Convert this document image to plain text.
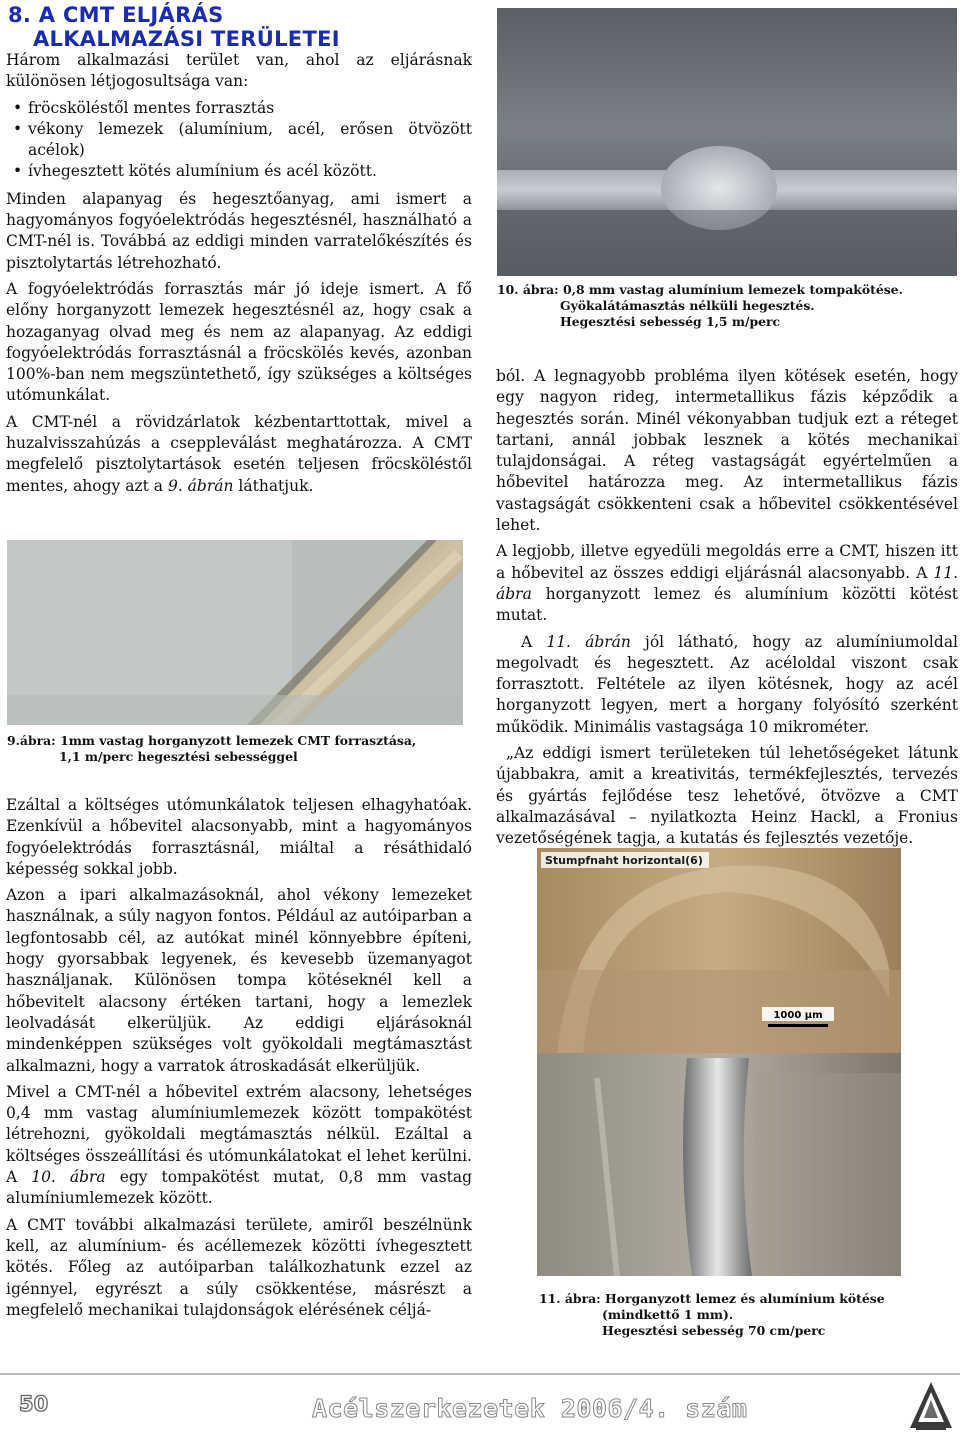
8. A CMT ELJÁRÁS
ALKALMAZÁSI TERÜLETEI

Három alkalmazási terület van, ahol az eljárásnak különösen létjogosultsága van:

• fröcsköléstől mentes forrasztás
• vékony lemezek (alumínium, acél, erősen ötvözött acélok)
• ívhegesztett kötés alumínium és acél között.

Minden alapanyag és hegesztőanyag, ami ismert a hagyományos fogyóelektródás hegesztésnél, használható a CMT-nél is. Továbbá az eddigi minden varratelőkészítés és pisztolytartás létrehozható.

A fogyóelektródás forrasztás már jó ideje ismert. A fő előny horganyzott lemezek hegesztésnél az, hogy csak a hozaganyag olvad meg és nem az alapanyag. Az eddigi fogyóelektródás forrasztásnál a fröcskölés kevés, azonban 100%-ban nem megszüntethető, így szükséges a költséges utómunkálat.

A CMT-nél a rövidzárlatok kézbentarttottak, mivel a huzalvisszahúzás a cseppleválást meghatározza. A CMT megfelelő pisztolytartások esetén teljesen fröcsköléstől mentes, ahogy azt a 9. ábrán láthatjuk.

9.ábra: 1mm vastag horganyzott lemezek CMT forrasztása,
1,1 m/perc hegesztési sebességgel

Ezáltal a költséges utómunkálatok teljesen elhagyhatóak. Ezenkívül a hőbevitel alacsonyabb, mint a hagyományos fogyóelektródás forrasztásnál, miáltal a résáthidaló képesség sokkal jobb.

Azon a ipari alkalmazásoknál, ahol vékony lemezeket használnak, a súly nagyon fontos. Például az autóiparban a legfontosabb cél, az autókat minél könnyebbre építeni, hogy gyorsabbak legyenek, és kevesebb üzemanyagot használjanak. Különösen tompa kötéseknél kell a hőbevitelt alacsony értéken tartani, hogy a lemezlek leolvadását elkerüljük. Az eddigi eljárásoknál mindenképpen szükséges volt gyökoldali megtámasztást alkalmazni, hogy a varratok átroskadását elkerüljük.

Mivel a CMT-nél a hőbevitel extrém alacsony, lehetséges 0,4 mm vastag alumíniumlemezek között tompakötést létrehozni, gyökoldali megtámasztás nélkül. Ezáltal a költséges összeállítási és utómunkálatokat el lehet kerülni. A 10. ábra egy tompakötést mutat, 0,8 mm vastag alumíniumlemezek között.

A CMT további alkalmazási területe, amiről beszélnünk kell, az alumínium- és acéllemezek közötti ívhegesztett kötés. Főleg az autóiparban találkozhatunk ezzel az igénnyel, egyrészt a súly csökkentése, másrészt a megfelelő mechanikai tulajdonságok elérésének céljá-

10. ábra: 0,8 mm vastag alumínium lemezek tompakötése.
Gyökalátámasztás nélküli hegesztés.
Hegesztési sebesség 1,5 m/perc

ból. A legnagyobb probléma ilyen kötések esetén, hogy egy nagyon rideg, intermetallikus fázis képződik a hegesztés során. Minél vékonyabban tudjuk ezt a réteget tartani, annál jobbak lesznek a kötés mechanikai tulajdonságai. A réteg vastagságát egyértelműen a hőbevitel határozza meg. Az intermetallikus fázis vastagságát csökkenteni csak a hőbevitel csökkentésével lehet.

A legjobb, illetve egyedüli megoldás erre a CMT, hiszen itt a hőbevitel az összes eddigi eljárásnál alacsonyabb. A 11. ábra horganyzott lemez és alumínium közötti kötést mutat.

A 11. ábrán jól látható, hogy az alumíniumoldal megolvadt és hegesztett. Az acéloldal viszont csak forrasztott. Feltétele az ilyen kötésnek, hogy az acél horganyzott legyen, mert a horgany folyósító szerként működik. Minimális vastagsága 10 mikrométer.

„Az eddigi ismert területeken túl lehetőségeket látunk újabbakra, amit a kreativitás, termékfejlesztés, tervezés és gyártás fejlődése tesz lehetővé, ötvözve a CMT alkalmazásával – nyilatkozta Heinz Hackl, a Fronius vezetőségének tagja, a kutatás és fejlesztés vezetője.

1000 µm
Stumpfnaht horizontal(6)
11. ábra: Horganyzott lemez és alumínium kötése
(mindkettő 1 mm).
Hegesztési sebesség 70 cm/perc
50	Acélszerkezetek 2006/4. szám
